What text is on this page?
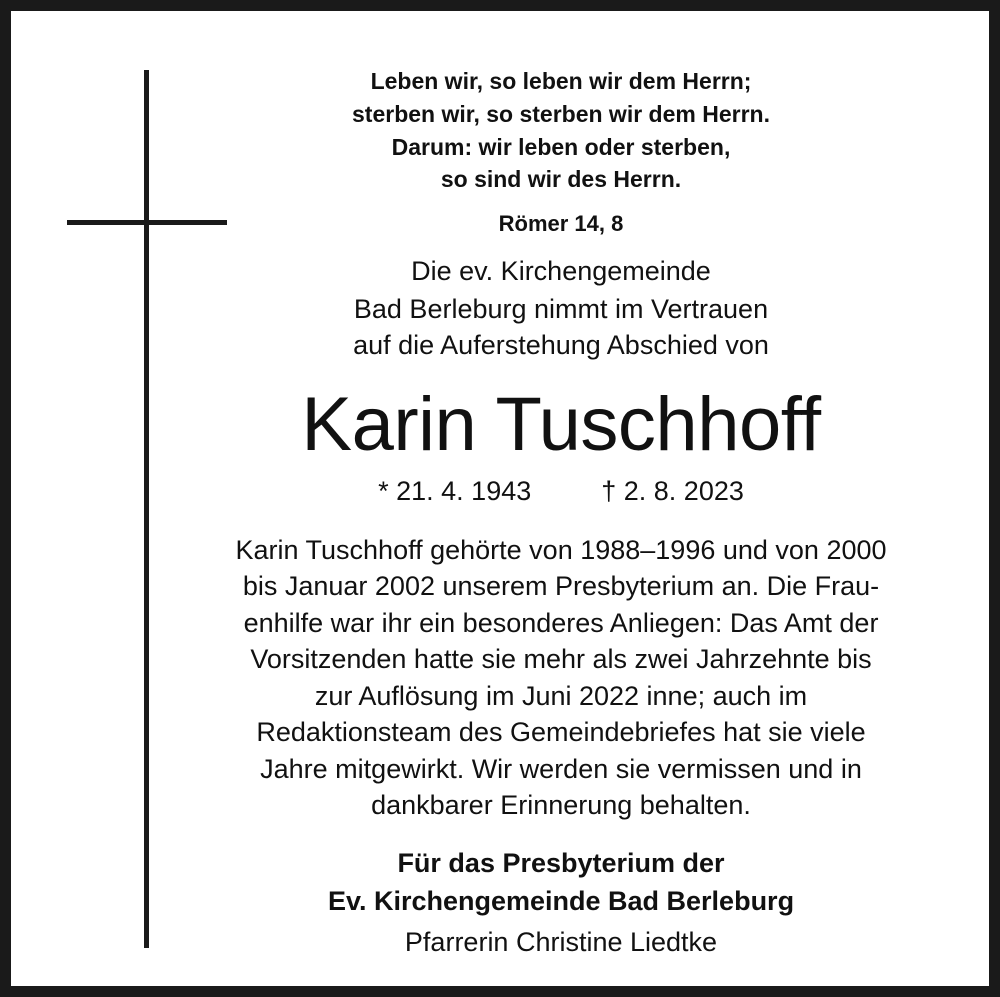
Leben wir, so leben wir dem Herrn;
sterben wir, so sterben wir dem Herrn.
Darum: wir leben oder sterben,
so sind wir des Herrn.
Römer 14, 8
Die ev. Kirchengemeinde
Bad Berleburg nimmt im Vertrauen
auf die Auferstehung Abschied von
Karin Tuschhoff
* 21. 4. 1943	† 2. 8. 2023
Karin Tuschhoff gehörte von 1988–1996 und von 2000
bis Januar 2002 unserem Presbyterium an. Die Frau-
enhilfe war ihr ein besonderes Anliegen: Das Amt der
Vorsitzenden hatte sie mehr als zwei Jahrzehnte bis
zur Auflösung im Juni 2022 inne; auch im
Redaktionsteam des Gemeindebriefes hat sie viele
Jahre mitgewirkt. Wir werden sie vermissen und in
dankbarer Erinnerung behalten.
Für das Presbyterium der
Ev. Kirchengemeinde Bad Berleburg
Pfarrerin Christine Liedtke
